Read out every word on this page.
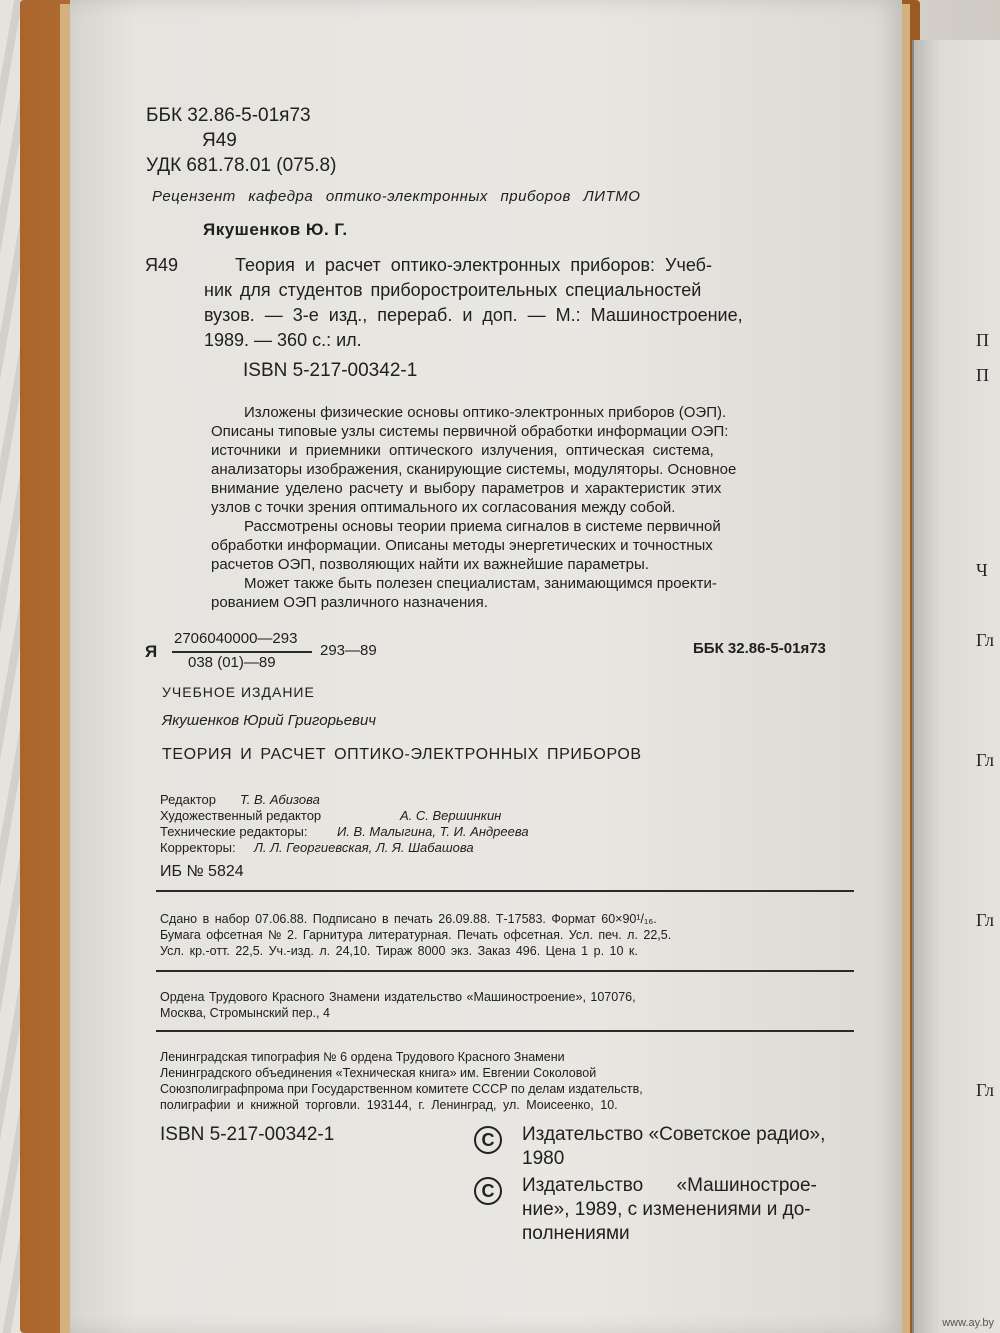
П
П
Ч
Гл
Гл
Гл
Гл
ББК 32.86-5-01я73
Я49
УДК 681.78.01 (075.8)
Рецензент кафедра оптико-электронных приборов ЛИТМО
Якушенков Ю. Г.
Я49	Теория и расчет оптико-электронных приборов: Учеб-
ник для студентов приборостроительных специальностей
вузов. — 3-е изд., перераб. и доп. — М.: Машиностроение,
1989. — 360 с.: ил.
ISBN 5-217-00342-1
Изложены физические основы оптико-электронных приборов (ОЭП).
Описаны типовые узлы системы первичной обработки информации ОЭП:
источники и приемники оптического излучения, оптическая система,
анализаторы изображения, сканирующие системы, модуляторы. Основное
внимание уделено расчету и выбору параметров и характеристик этих
узлов с точки зрения оптимального их согласования между собой.
Рассмотрены основы теории приема сигналов в системе первичной
обработки информации. Описаны методы энергетических и точностных
расчетов ОЭП, позволяющих найти их важнейшие параметры.
Может также быть полезен специалистам, занимающимся проекти-
рованием ОЭП различного назначения.
Я
2706040000—293
038 (01)—89
293—89	ББК 32.86-5-01я73
УЧЕБНОЕ ИЗДАНИЕ
Якушенков Юрий Григорьевич
ТЕОРИЯ И РАСЧЕТ ОПТИКО-ЭЛЕКТРОННЫХ ПРИБОРОВ
Редактор Т. В. Абизова
Художественный редактор	А. С. Вершинкин
Технические редакторы: И. В. Малыгина, Т. И. Андреева
Корректоры: Л. Л. Георгиевская, Л. Я. Шабашова
ИБ № 5824
Сдано в набор 07.06.88. Подписано в печать 26.09.88. Т-17583. Формат 60×90¹/₁₆.
Бумага офсетная № 2. Гарнитура литературная. Печать офсетная. Усл. печ. л. 22,5.
Усл. кр.-отт. 22,5. Уч.-изд. л. 24,10. Тираж 8000 экз. Заказ 496. Цена 1 р. 10 к.
Ордена Трудового Красного Знамени издательство «Машиностроение», 107076,
Москва, Стромынский пер., 4
Ленинградская типография № 6 ордена Трудового Красного Знамени
Ленинградского объединения «Техническая книга» им. Евгении Соколовой
Союзполиграфпрома при Государственном комитете СССР по делам издательств,
полиграфии и книжной торговли. 193144, г. Ленинград, ул. Моисеенко, 10.
ISBN 5-217-00342-1	C	Издательство «Советское радио»,
1980
C	Издательство «Машинострое-
ние», 1989, с изменениями и до-
полнениями
www.ay.by
